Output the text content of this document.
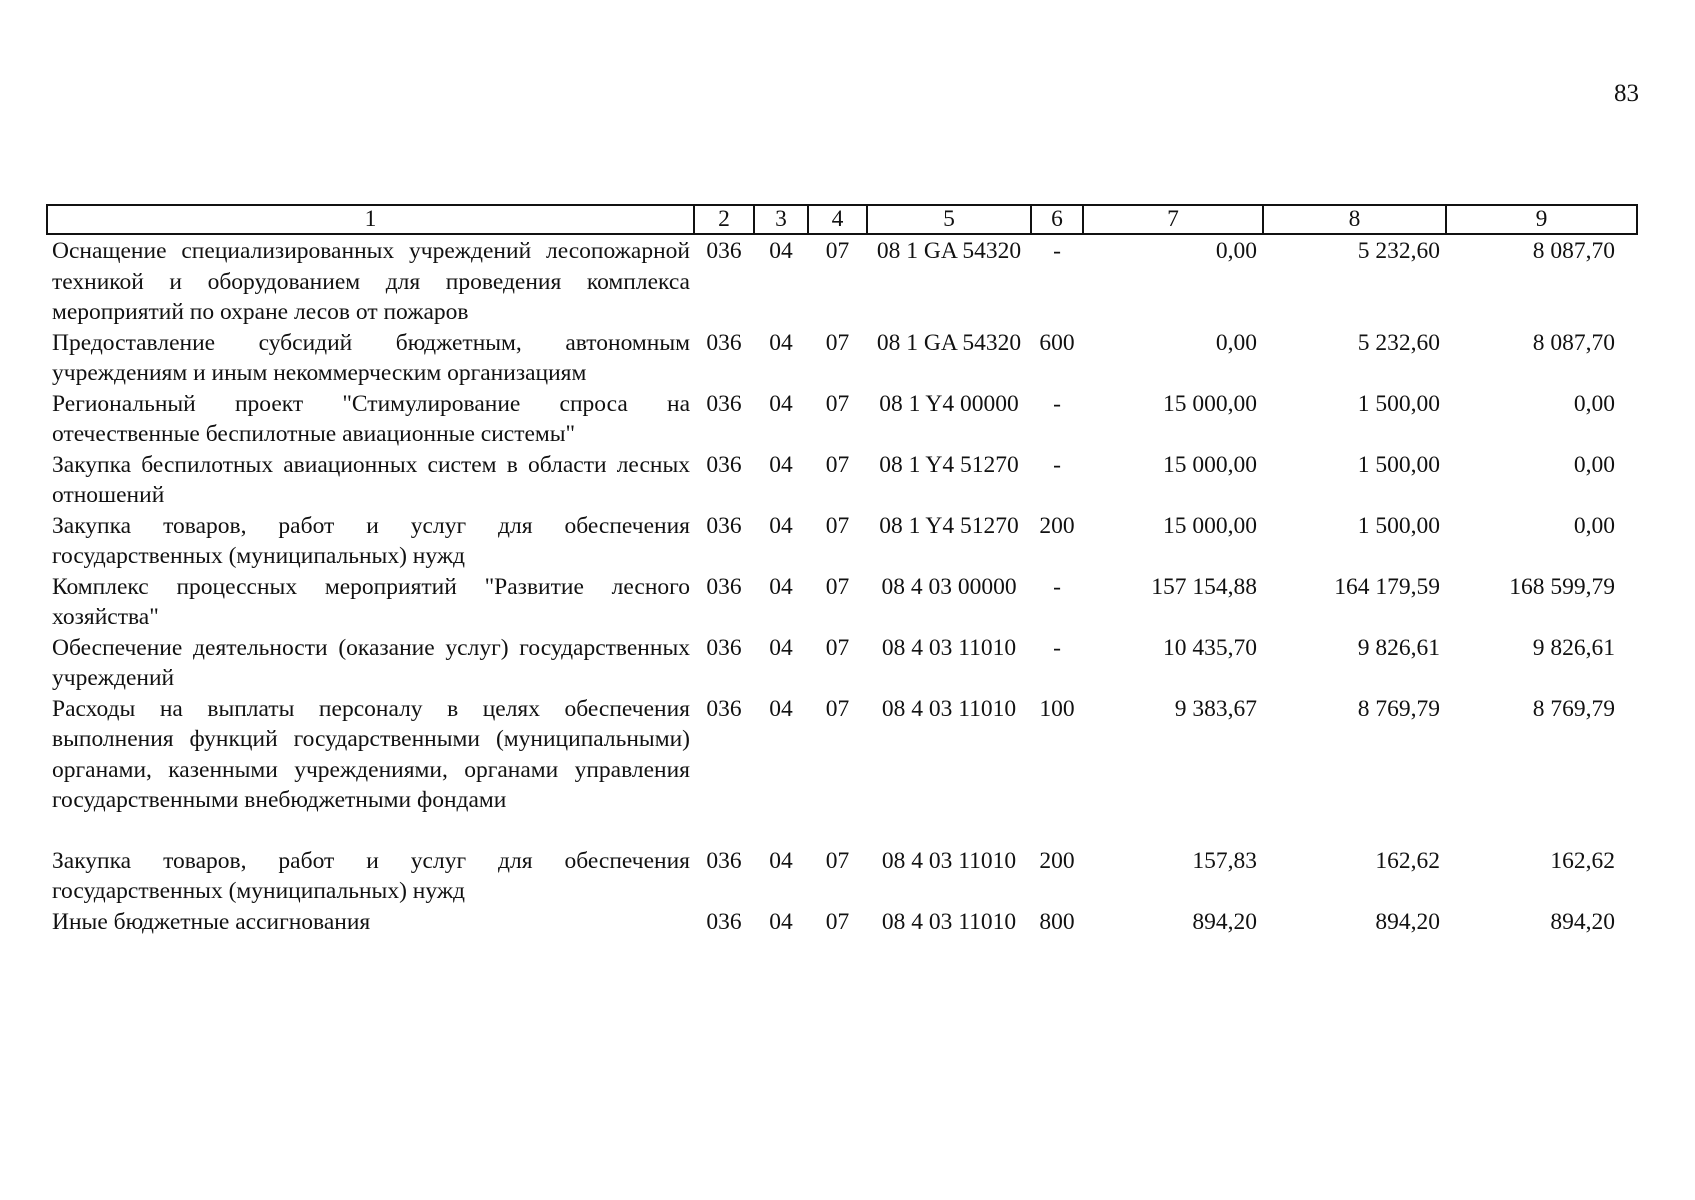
83
1	2	3	4	5	6	7	8	9
Оснащение специализированных учреждений лесопожарной техникой и оборудованием для проведения комплекса мероприятий по охране лесов от пожаров	036	04	07	08 1 GA 54320	-	0,00	5 232,60	8 087,70
Предоставление субсидий бюджетным, автономным учреждениям и иным некоммерческим организациям	036	04	07	08 1 GA 54320	600	0,00	5 232,60	8 087,70
Региональный проект "Стимулирование спроса на отечественные беспилотные авиационные системы"	036	04	07	08 1 Y4 00000	-	15 000,00	1 500,00	0,00
Закупка беспилотных авиационных систем в области лесных отношений	036	04	07	08 1 Y4 51270	-	15 000,00	1 500,00	0,00
Закупка товаров, работ и услуг для обеспечения государственных (муниципальных) нужд	036	04	07	08 1 Y4 51270	200	15 000,00	1 500,00	0,00
Комплекс процессных мероприятий "Развитие лесного хозяйства"	036	04	07	08 4 03 00000	-	157 154,88	164 179,59	168 599,79
Обеспечение деятельности (оказание услуг) государственных учреждений	036	04	07	08 4 03 11010	-	10 435,70	9 826,61	9 826,61
Расходы на выплаты персоналу в целях обеспечения выполнения функций государственными (муниципальными) органами, казенными учреждениями, органами управления государственными внебюджетными фондами	036	04	07	08 4 03 11010	100	9 383,67	8 769,79	8 769,79
Закупка товаров, работ и услуг для обеспечения государственных (муниципальных) нужд	036	04	07	08 4 03 11010	200	157,83	162,62	162,62
Иные бюджетные ассигнования	036	04	07	08 4 03 11010	800	894,20	894,20	894,20
